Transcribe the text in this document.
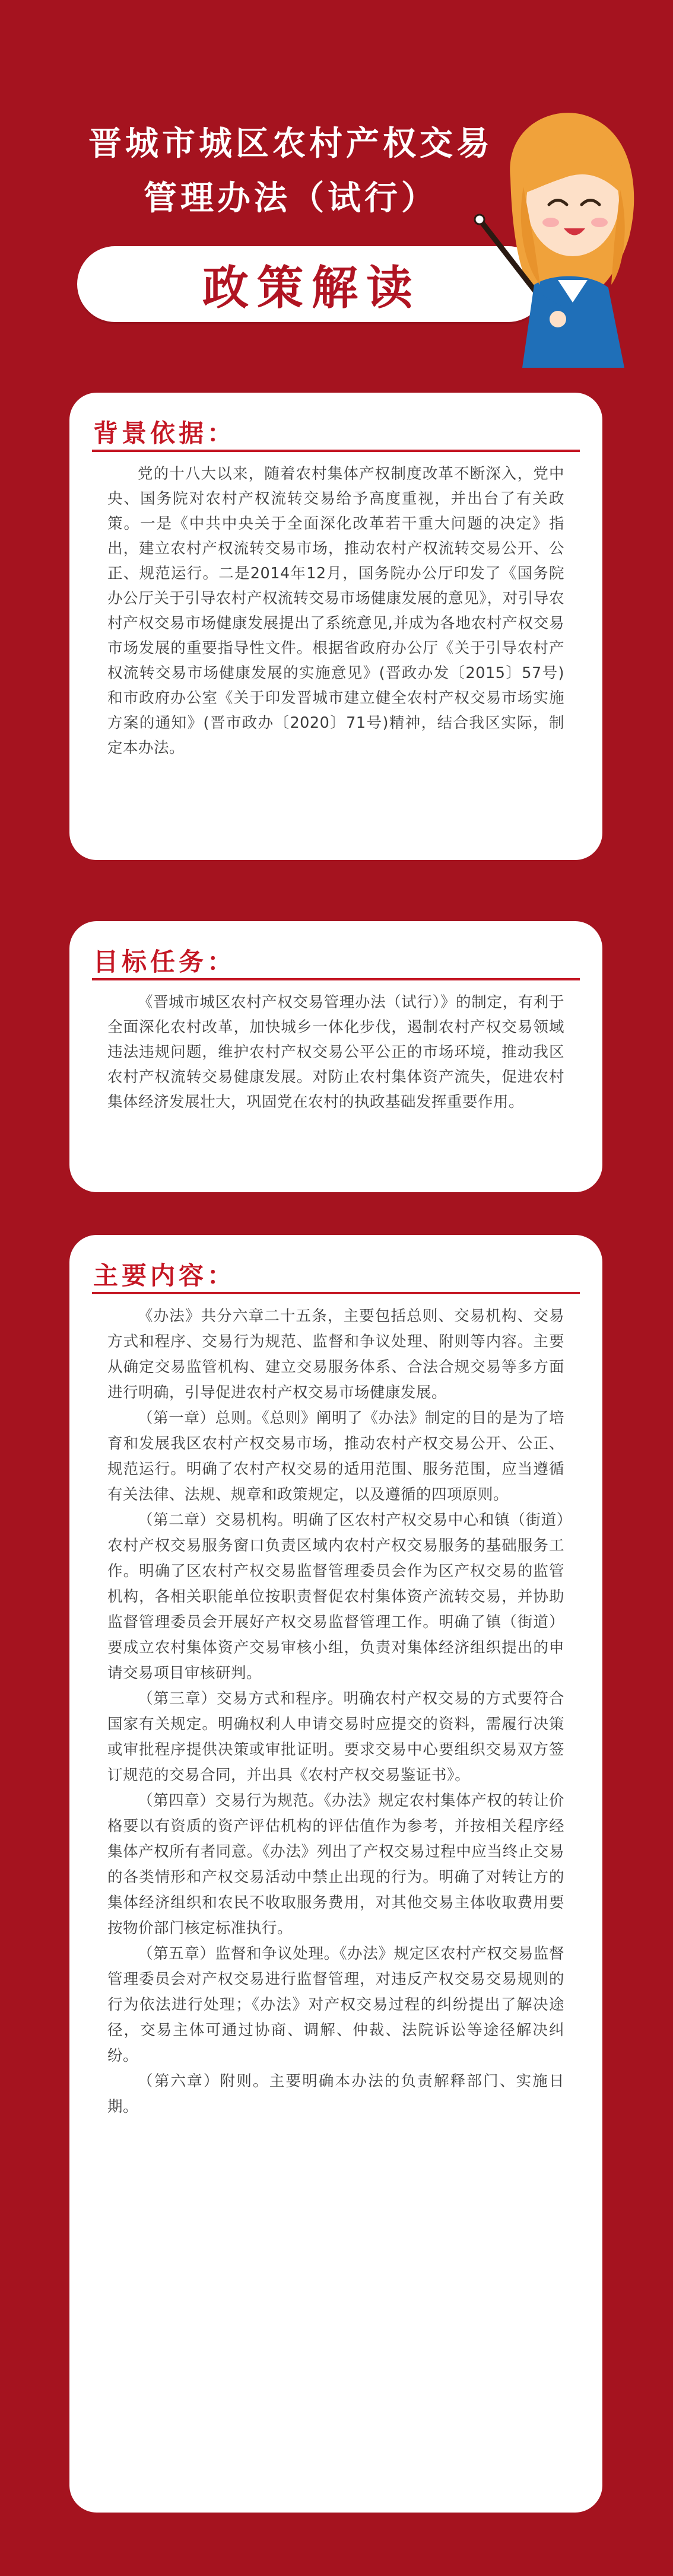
晋城市城区农村产权交易
管理办法（试行）
政策解读
背景依据：

党的十八大以来，随着农村集体产权制度改革不断深入，党中央、国务院对农村产权流转交易给予高度重视，并出台了有关政策。一是《中共中央关于全面深化改革若干重大问题的决定》指出，建立农村产权流转交易市场，推动农村产权流转交易公开、公正、规范运行。二是2014年12月，国务院办公厅印发了《国务院办公厅关于引导农村产权流转交易市场健康发展的意见》，对引导农村产权交易市场健康发展提出了系统意见,并成为各地农村产权交易市场发展的重要指导性文件。根据省政府办公厅《关于引导农村产权流转交易市场健康发展的实施意见》(晋政办发〔2015〕57号)和市政府办公室《关于印发晋城市建立健全农村产权交易市场实施方案的通知》(晋市政办〔2020〕71号)精神，结合我区实际，制定本办法。

目标任务：

《晋城市城区农村产权交易管理办法（试行）》的制定，有利于全面深化农村改革，加快城乡一体化步伐，遏制农村产权交易领域违法违规问题，维护农村产权交易公平公正的市场环境，推动我区农村产权流转交易健康发展。对防止农村集体资产流失，促进农村集体经济发展壮大，巩固党在农村的执政基础发挥重要作用。

主要内容：

《办法》共分六章二十五条，主要包括总则、交易机构、交易方式和程序、交易行为规范、监督和争议处理、附则等内容。主要从确定交易监管机构、建立交易服务体系、合法合规交易等多方面进行明确，引导促进农村产权交易市场健康发展。

（第一章）总则。《总则》阐明了《办法》制定的目的是为了培育和发展我区农村产权交易市场，推动农村产权交易公开、公正、规范运行。明确了农村产权交易的适用范围、服务范围，应当遵循有关法律、法规、规章和政策规定，以及遵循的四项原则。

（第二章）交易机构。明确了区农村产权交易中心和镇（街道）农村产权交易服务窗口负责区域内农村产权交易服务的基础服务工作。明确了区农村产权交易监督管理委员会作为区产权交易的监管机构，各相关职能单位按职责督促农村集体资产流转交易，并协助监督管理委员会开展好产权交易监督管理工作。明确了镇（街道）要成立农村集体资产交易审核小组，负责对集体经济组织提出的申请交易项目审核研判。

（第三章）交易方式和程序。明确农村产权交易的方式要符合国家有关规定。明确权利人申请交易时应提交的资料，需履行决策或审批程序提供决策或审批证明。要求交易中心要组织交易双方签订规范的交易合同，并出具《农村产权交易鉴证书》。

（第四章）交易行为规范。《办法》规定农村集体产权的转让价格要以有资质的资产评估机构的评估值作为参考，并按相关程序经集体产权所有者同意。《办法》列出了产权交易过程中应当终止交易的各类情形和产权交易活动中禁止出现的行为。明确了对转让方的集体经济组织和农民不收取服务费用，对其他交易主体收取费用要按物价部门核定标准执行。

（第五章）监督和争议处理。《办法》规定区农村产权交易监督管理委员会对产权交易进行监督管理，对违反产权交易交易规则的行为依法进行处理；《办法》对产权交易过程的纠纷提出了解决途径，交易主体可通过协商、调解、仲裁、法院诉讼等途径解决纠纷。

（第六章）附则。主要明确本办法的负责解释部门、实施日期。
